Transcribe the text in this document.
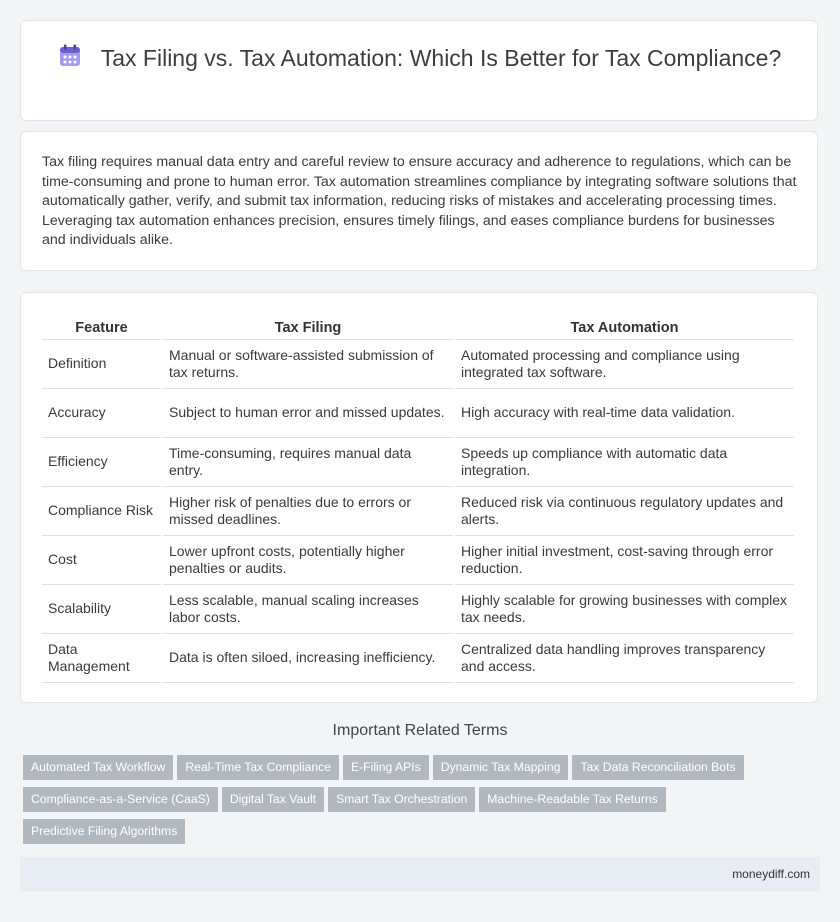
Tax Filing vs. Tax Automation: Which Is Better for Tax Compliance?
Tax filing requires manual data entry and careful review to ensure accuracy and adherence to regulations, which can be time-consuming and prone to human error. Tax automation streamlines compliance by integrating software solutions that automatically gather, verify, and submit tax information, reducing risks of mistakes and accelerating processing times. Leveraging tax automation enhances precision, ensures timely filings, and eases compliance burdens for businesses and individuals alike.
Feature	Tax Filing	Tax Automation
Definition	Manual or software-assisted submission of tax returns.	Automated processing and compliance using integrated tax software.
Accuracy	Subject to human error and missed updates.	High accuracy with real-time data validation.
Efficiency	Time-consuming, requires manual data entry.	Speeds up compliance with automatic data integration.
Compliance Risk	Higher risk of penalties due to errors or missed deadlines.	Reduced risk via continuous regulatory updates and alerts.
Cost	Lower upfront costs, potentially higher penalties or audits.	Higher initial investment, cost-saving through error reduction.
Scalability	Less scalable, manual scaling increases labor costs.	Highly scalable for growing businesses with complex tax needs.
Data Management	Data is often siloed, increasing inefficiency.	Centralized data handling improves transparency and access.
Important Related Terms
Automated Tax Workflow Real-Time Tax Compliance E-Filing APIs Dynamic Tax Mapping Tax Data Reconciliation Bots
Compliance-as-a-Service (CaaS) Digital Tax Vault Smart Tax Orchestration Machine-Readable Tax Returns
Predictive Filing Algorithms
moneydiff.com
